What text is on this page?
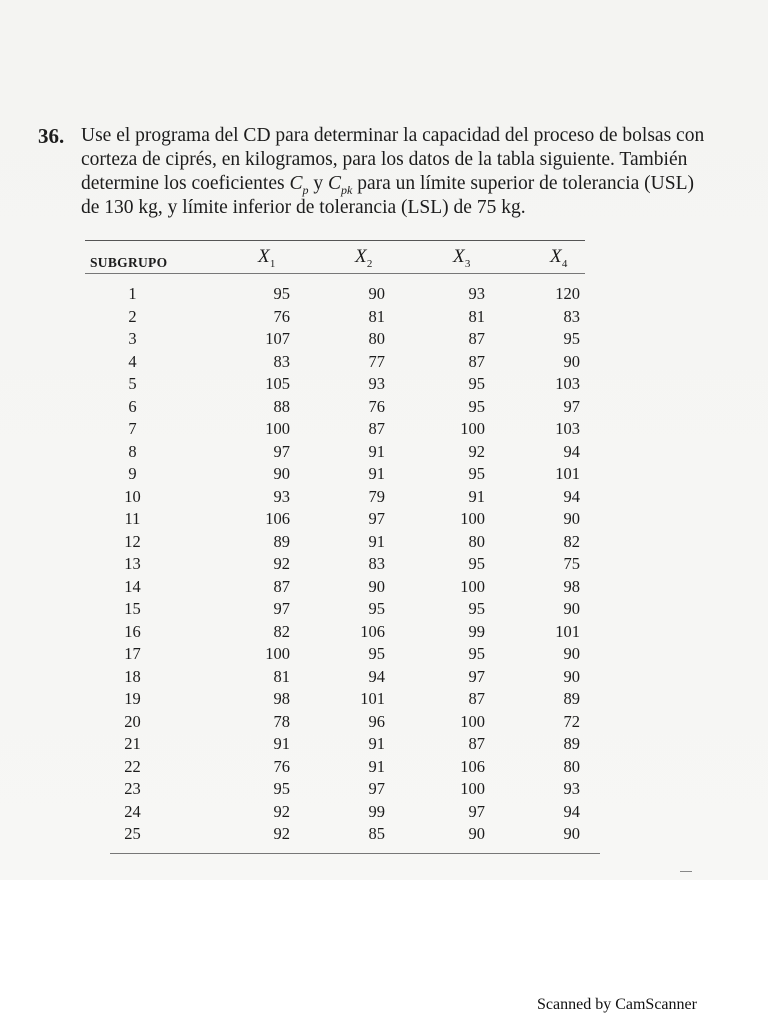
36. Use el programa del CD para determinar la capacidad del proceso de bolsas con
corteza de ciprés, en kilogramos, para los datos de la tabla siguiente. También
determine los coeficientes $C_p$ y $C_{pk}$ para un límite superior de tolerancia (USL)
de 130 kg, y límite inferior de tolerancia (LSL) de 75 kg.
SUBGRUPO	$X_1$	$X_2$	$X_3$	$X_4$
1	95	90	93	120
2	76	81	81	83
3	107	80	87	95
4	83	77	87	90
5	105	93	95	103
6	88	76	95	97
7	100	87	100	103
8	97	91	92	94
9	90	91	95	101
10	93	79	91	94
11	106	97	100	90
12	89	91	80	82
13	92	83	95	75
14	87	90	100	98
15	97	95	95	90
16	82	106	99	101
17	100	95	95	90
18	81	94	97	90
19	98	101	87	89
20	78	96	100	72
21	91	91	87	89
22	76	91	106	80
23	95	97	100	93
24	92	99	97	94
25	92	85	90	90
Scanned by CamScanner
